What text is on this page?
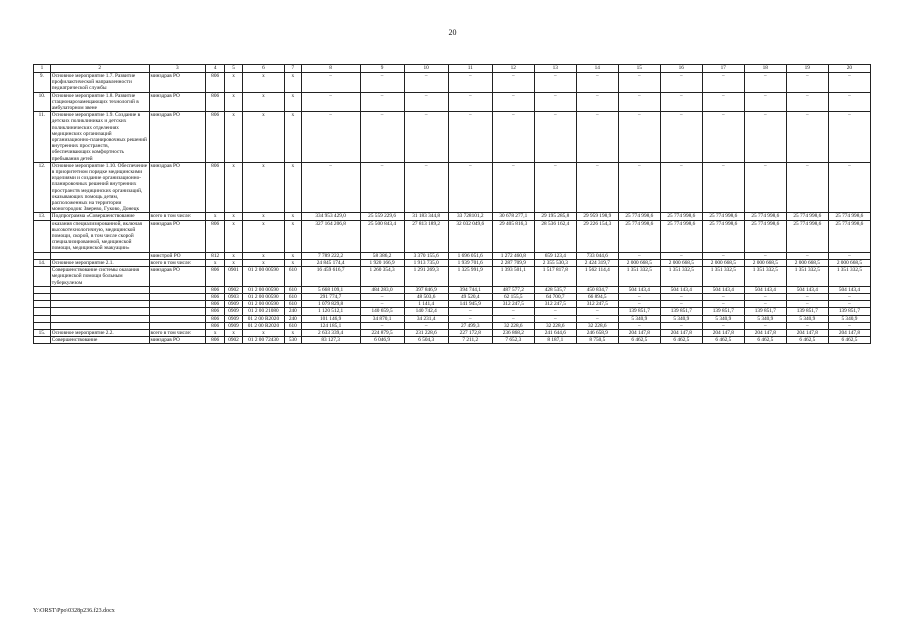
20
1	2	3	4	5	6	7	8	9	10	11	12	13	14	15	16	17	18	19	20
9.	Основное мероприятие 1.7. Развитие профилактической направленности педиатрической службы	минздрав РО	806	х	х	х	–	–	–	–	–	–	–	–	–	–	–	–	–
10.	Основное мероприятие 1.8. Развитие стационарозамещающих технологий в амбулаторном звене	минздрав РО	806	х	х	х	–	–	–	–	–	–	–	–	–	–	–	–	–
11.	Основное мероприятие 1.9. Создание в детских поликлиниках и детских поликлинических отделениях медицинских организаций организационно-планировочных решений внутренних пространств, обеспечивающих комфортность пребывания детей	минздрав РО	806	х	х	х	–	–	–	–	–	–	–	–	–	–	–	–	–
12.	Основное мероприятие 1.10. Обеспечение в приоритетном порядке медицинскими изделиями и создание организационно-планировочных решений внутренних пространств медицинских организаций, оказывающих помощь детям, расположенных на территории моногородов: Зверево, Гуково, Донецк	минздрав РО	806	х	х	х	–	–	–	–	–	–	–	–	–	–	–	–	–
13.	Подпрограмма «Совершенствование	всего в том числе:	х	х	х	х	334 953 429,0	25 559 229,6	31 183 344,8	33 728101,2	30 678 277,1	29 195 285,8	29 959 198,9	25 774 998,6	25 774 998,6	25 774 998,6	25 774 998,6	25 774 998,6	25 774 998,6
	оказания специализированной, включая высокотехнологичную, медицинской помощи, скорой, в том числе скорой специализированной, медицинской помощи, медицинской эвакуации»	минздрав РО	806	х	х	х	327 164 206,8	25 500 843,4	27 813 189,2	32 032 049,6	29 405 816,3	28 536 162,4	29 226 154,3	25 774 998,6	25 774 998,6	25 774 998,6	25 774 998,6	25 774 998,6	25 774 998,6
		минстрой РО	812	х	х	х	7 789 222,2	58 386,2	3 370 155,6	1 696 051,6	1 272 460,8	659 123,4	733 044,6	–	–	–	–	–	–
14.	Основное мероприятие 2.1.	всего в том числе:	х	х	х	х	24 845 174,4	1 920 166,9	1 913 735,0	1 939 701,6	2 287 709,9	2 355 530,3	2 424 319,7	2 000 668,5	2 000 668,5	2 000 668,5	2 000 668,5	2 000 668,5	2 000 668,5
	Совершенствование системы оказания медицинской помощи больным туберкулезом	минздрав РО	806	0901	01 2 00 00590	610	16 459 616,7	1 260 354,3	1 291 269,3	1 325 991,9	1 393 501,1	1 517 817,8	1 562 114,4	1 351 332,5	1 351 332,5	1 351 332,5	1 351 332,5	1 351 332,5	1 351 332,5
			806	0902	01 2 00 00590	610	5 668 109,1	484 283,0	397 846,9	394 744,1	487 577,2	428 535,7	450 834,7	504 143,4	504 143,4	504 143,4	504 143,4	504 143,4	504 143,4
			806	0903	01 2 00 00590	610	291 774,7	–	48 503,6	49 520,4	62 155,5	64 700,7	66 894,5	–	–	–	–	–	–
			806	0909	01 2 00 00590	610	1 079 829,8	–	1 141,4	141 945,9	312 247,5	312 247,5	312 247,5	–	–	–	–	–	–
			806	0909	01 2 00 21080	240	1 120 512,1	140 659,5	140 742,4	–	–	–	–	139 851,7	139 851,7	139 851,7	139 851,7	139 851,7	139 851,7
			806	0909	01 2 00 R2020	240	101 146,9	34 870,1	34 231,4	–	–	–	–	5 340,9	5 340,9	5 340,9	5 340,9	5 340,9	5 340,9
			806	0909	01 2 00 R2020	610	124 185,1	–	–	27 499,3	32 228,6	32 228,6	32 228,6	–	–	–	–	–	–
15.	Основное мероприятие 2.2.	всего в том числе:	х	х	х	х	2 633 339,4	224 879,5	231 228,6	227 172,8	236 868,2	241 644,6	246 658,9	204 147,8	204 147,8	204 147,8	204 147,8	204 147,8	204 147,8
	Совершенствование	минздрав РО	806	0902	01 2 00 72430	530	83 127,3	6 046,9	6 504,3	7 211,2	7 652,3	8 187,1	8 750,5	6 462,5	6 462,5	6 462,5	6 462,5	6 462,5	6 462,5
Y:\ORST\Ppo\0328p236.f23.docx
